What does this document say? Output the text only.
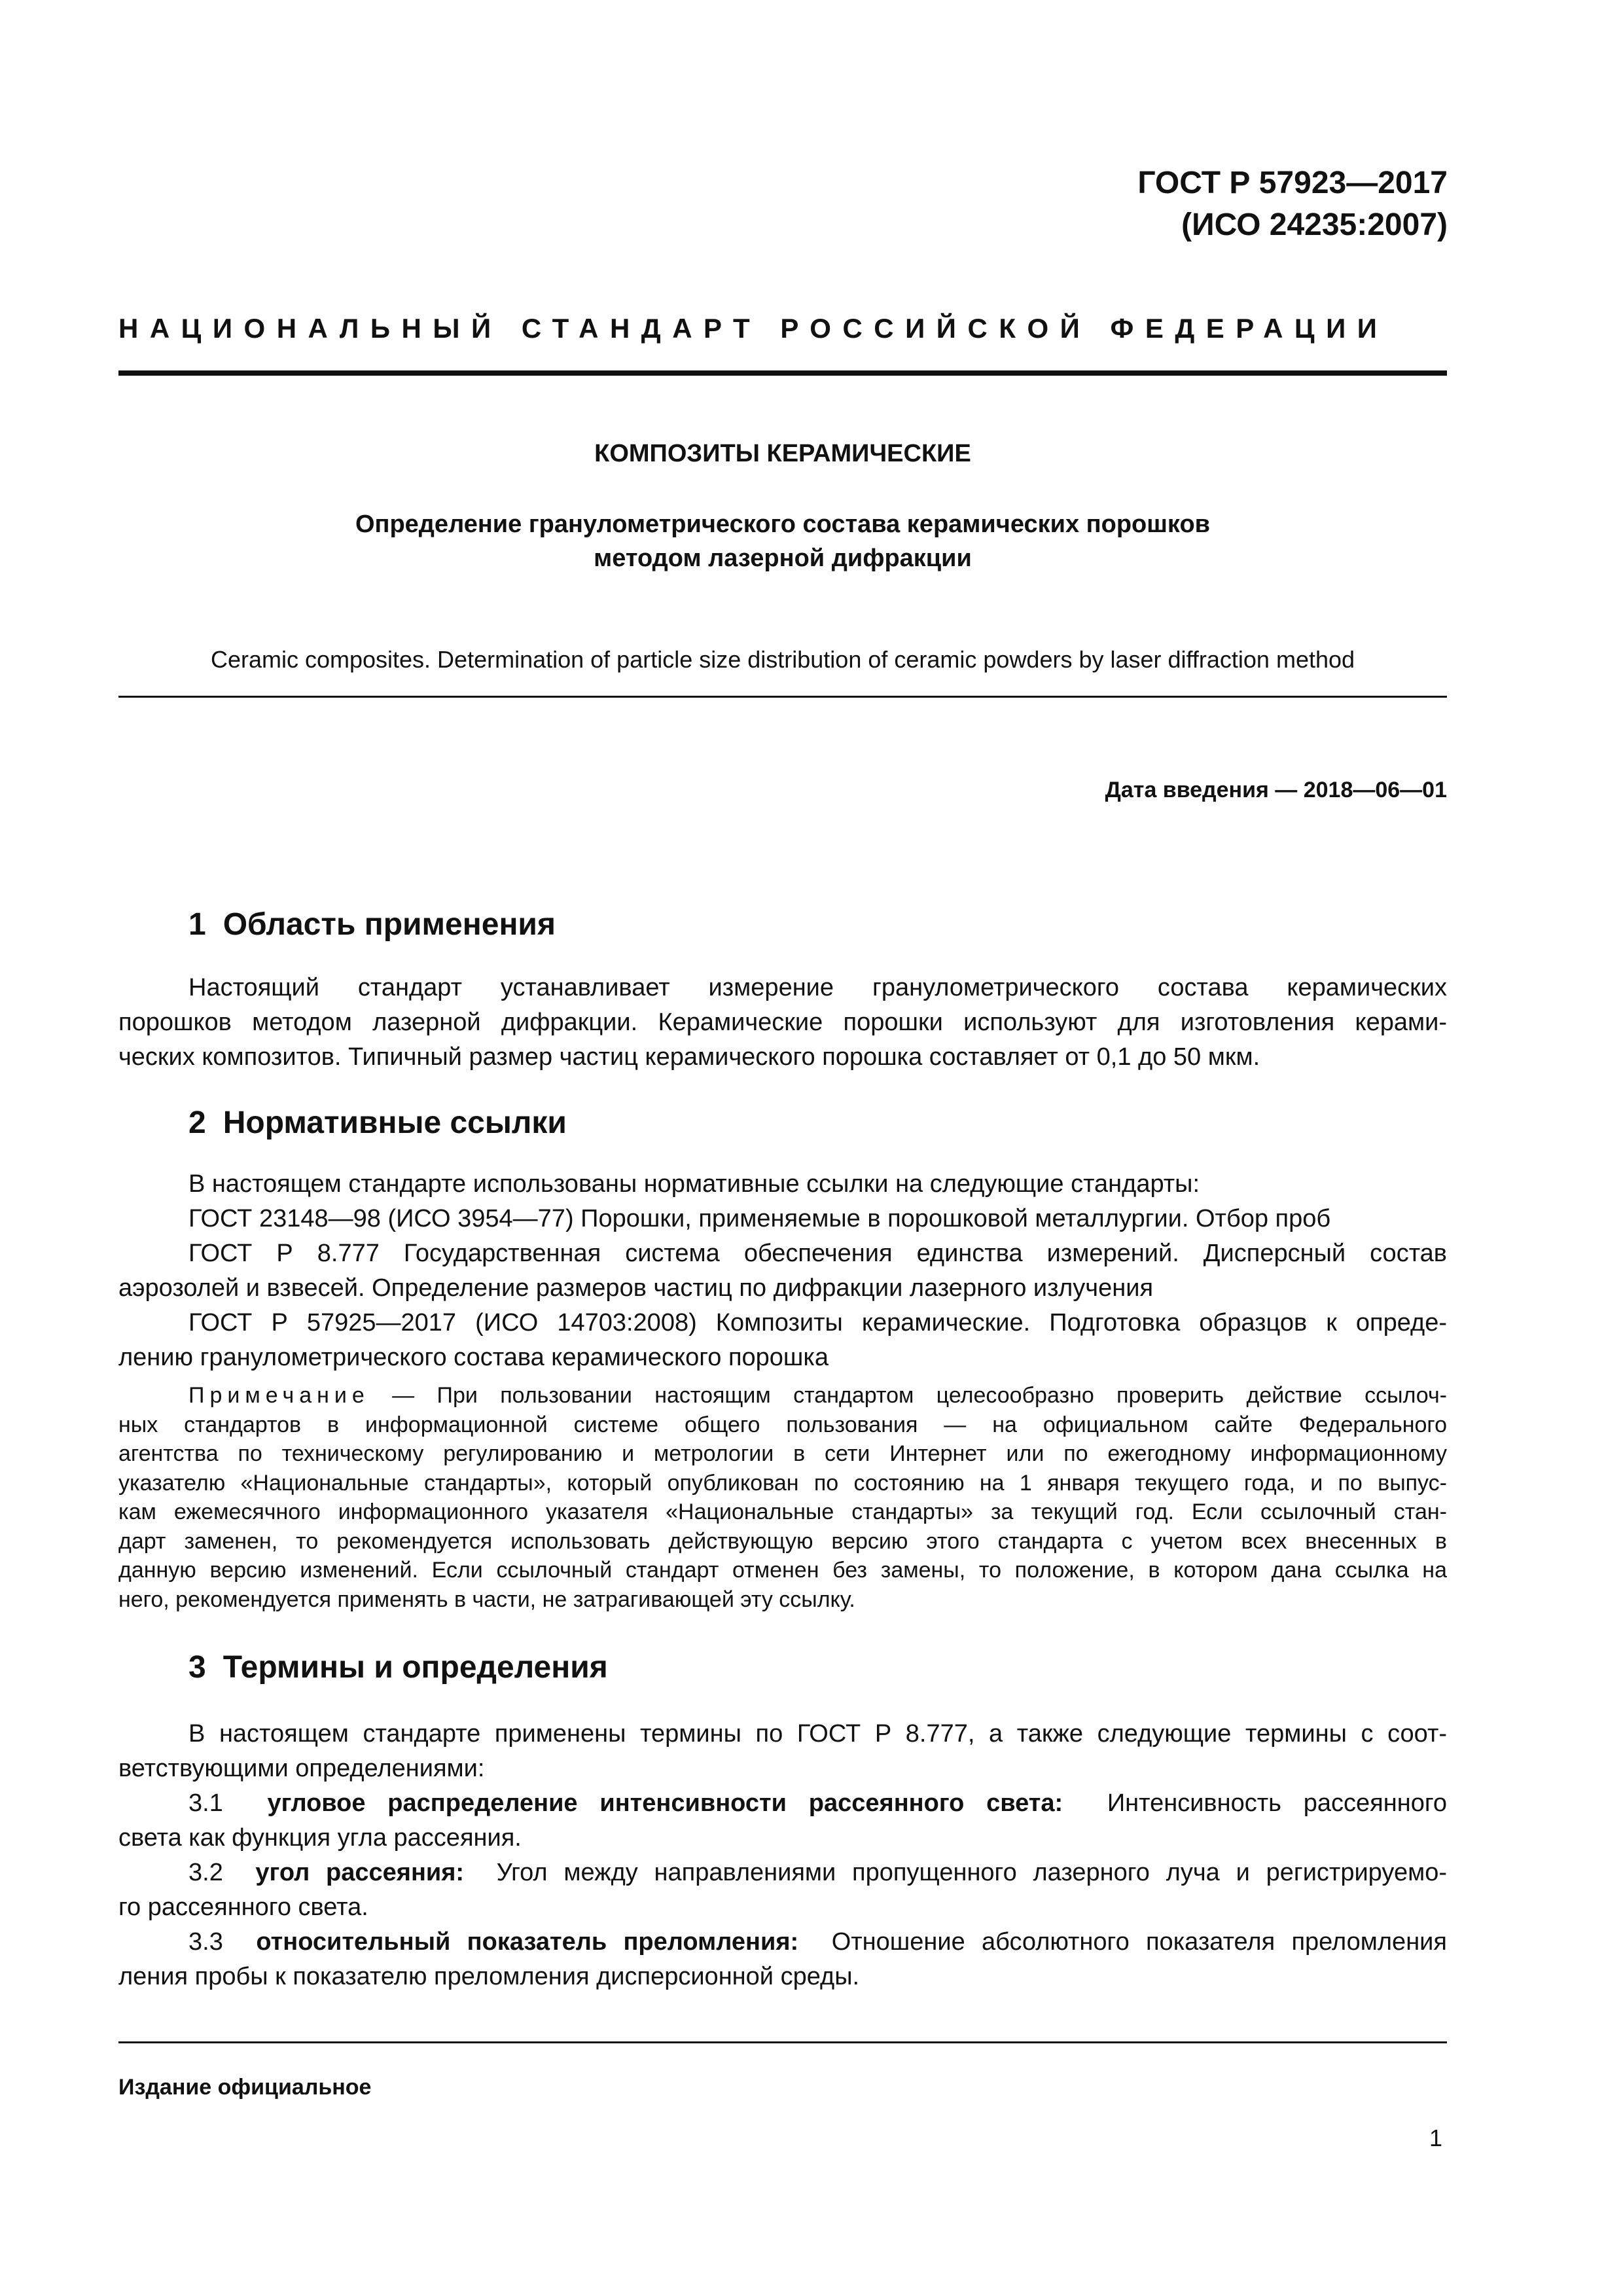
ГОСТ Р 57923—2017
(ИСО 24235:2007)
НАЦИОНАЛЬНЫЙ СТАНДАРТ РОССИЙСКОЙ ФЕДЕРАЦИИ
КОМПОЗИТЫ КЕРАМИЧЕСКИЕ
Определение гранулометрического состава керамических порошков
методом лазерной дифракции
Ceramic composites. Determination of particle size distribution of ceramic powders by laser diffraction method
Дата введения — 2018—06—01
1 Область применения
Настоящий стандарт устанавливает измерение гранулометрического состава керамических
порошков методом лазерной дифракции. Керамические порошки используют для изготовления керами-
ческих композитов. Типичный размер частиц керамического порошка составляет от 0,1 до 50 мкм.
2 Нормативные ссылки
В настоящем стандарте использованы нормативные ссылки на следующие стандарты:
ГОСТ 23148—98 (ИСО 3954—77) Порошки, применяемые в порошковой металлургии. Отбор проб
ГОСТ Р 8.777 Государственная система обеспечения единства измерений. Дисперсный состав
аэрозолей и взвесей. Определение размеров частиц по дифракции лазерного излучения
ГОСТ Р 57925—2017 (ИСО 14703:2008) Композиты керамические. Подготовка образцов к опреде-
лению гранулометрического состава керамического порошка
Примечание — При пользовании настоящим стандартом целесообразно проверить действие ссылоч-
ных стандартов в информационной системе общего пользования — на официальном сайте Федерального
агентства по техническому регулированию и метрологии в сети Интернет или по ежегодному информационному
указателю «Национальные стандарты», который опубликован по состоянию на 1 января текущего года, и по выпус-
кам ежемесячного информационного указателя «Национальные стандарты» за текущий год. Если ссылочный стан-
дарт заменен, то рекомендуется использовать действующую версию этого стандарта с учетом всех внесенных в
данную версию изменений. Если ссылочный стандарт отменен без замены, то положение, в котором дана ссылка на
него, рекомендуется применять в части, не затрагивающей эту ссылку.
3 Термины и определения
В настоящем стандарте применены термины по ГОСТ Р 8.777, а также следующие термины с соот-
ветствующими определениями:
3.1 угловое распределение интенсивности рассеянного света: Интенсивность рассеянного
света как функция угла рассеяния.
3.2 угол рассеяния: Угол между направлениями пропущенного лазерного луча и регистрируемо-
го рассеянного света.
3.3 относительный показатель преломления: Отношение абсолютного показателя преломления
ления пробы к показателю преломления дисперсионной среды.
Издание официальное
1
